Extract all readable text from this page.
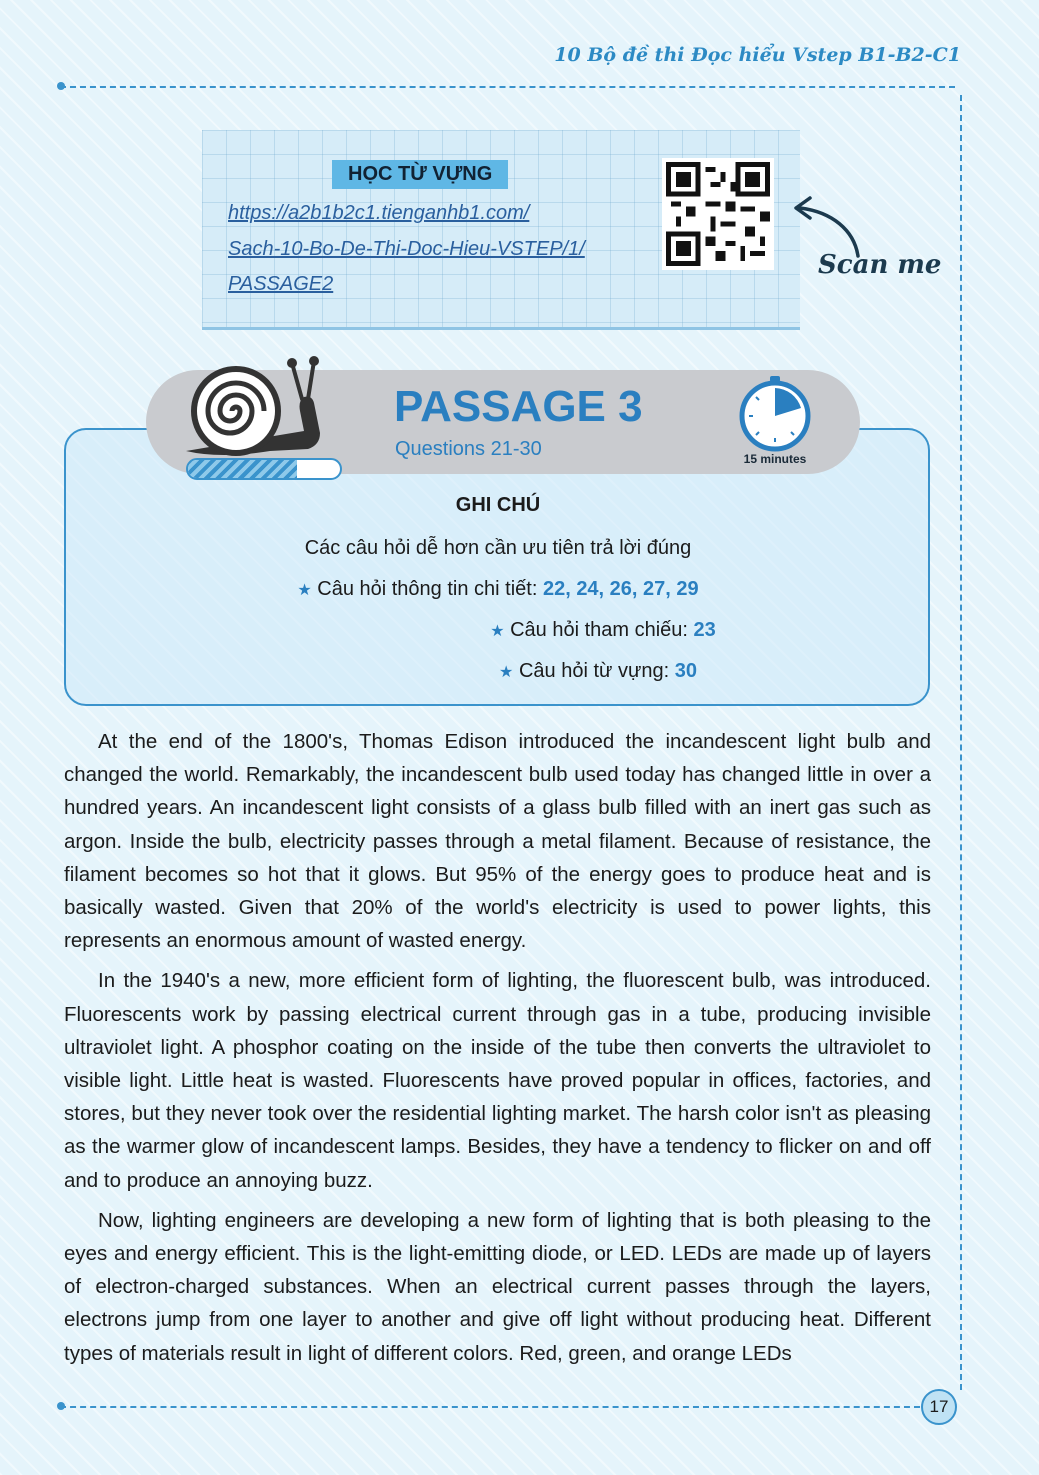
10 Bộ đề thi Đọc hiểu Vstep B1-B2-C1
HỌC TỪ VỰNG
https://a2b1b2c1.tienganhb1.com/
Sach-10-Bo-De-Thi-Doc-Hieu-VSTEP/1/
PASSAGE2
Scan me
PASSAGE 3
Questions 21-30	15 minutes
GHI CHÚ
Các câu hỏi dễ hơn cần ưu tiên trả lời đúng
★ Câu hỏi thông tin chi tiết: 22, 24, 26, 27, 29
★ Câu hỏi tham chiếu: 23
★ Câu hỏi từ vựng: 30

At the end of the 1800's, Thomas Edison introduced the incandescent light bulb and changed the world. Remarkably, the incandescent bulb used today has changed little in over a hundred years. An incandescent light consists of a glass bulb filled with an inert gas such as argon. Inside the bulb, electricity passes through a metal filament. Because of resistance, the filament becomes so hot that it glows. But 95% of the energy goes to produce heat and is basically wasted. Given that 20% of the world's electricity is used to power lights, this represents an enormous amount of wasted energy.

In the 1940's a new, more efficient form of lighting, the fluorescent bulb, was introduced. Fluorescents work by passing electrical current through gas in a tube, producing invisible ultraviolet light. A phosphor coating on the inside of the tube then converts the ultraviolet to visible light. Little heat is wasted. Fluorescents have proved popular in offices, factories, and stores, but they never took over the residential lighting market. The harsh color isn't as pleasing as the warmer glow of incandescent lamps. Besides, they have a tendency to flicker on and off and to produce an annoying buzz.

Now, lighting engineers are developing a new form of lighting that is both pleasing to the eyes and energy efficient. This is the light-emitting diode, or LED. LEDs are made up of layers of electron-charged substances. When an electrical current passes through the layers, electrons jump from one layer to another and give off light without producing heat. Different types of materials result in light of different colors. Red, green, and orange LEDs

17
